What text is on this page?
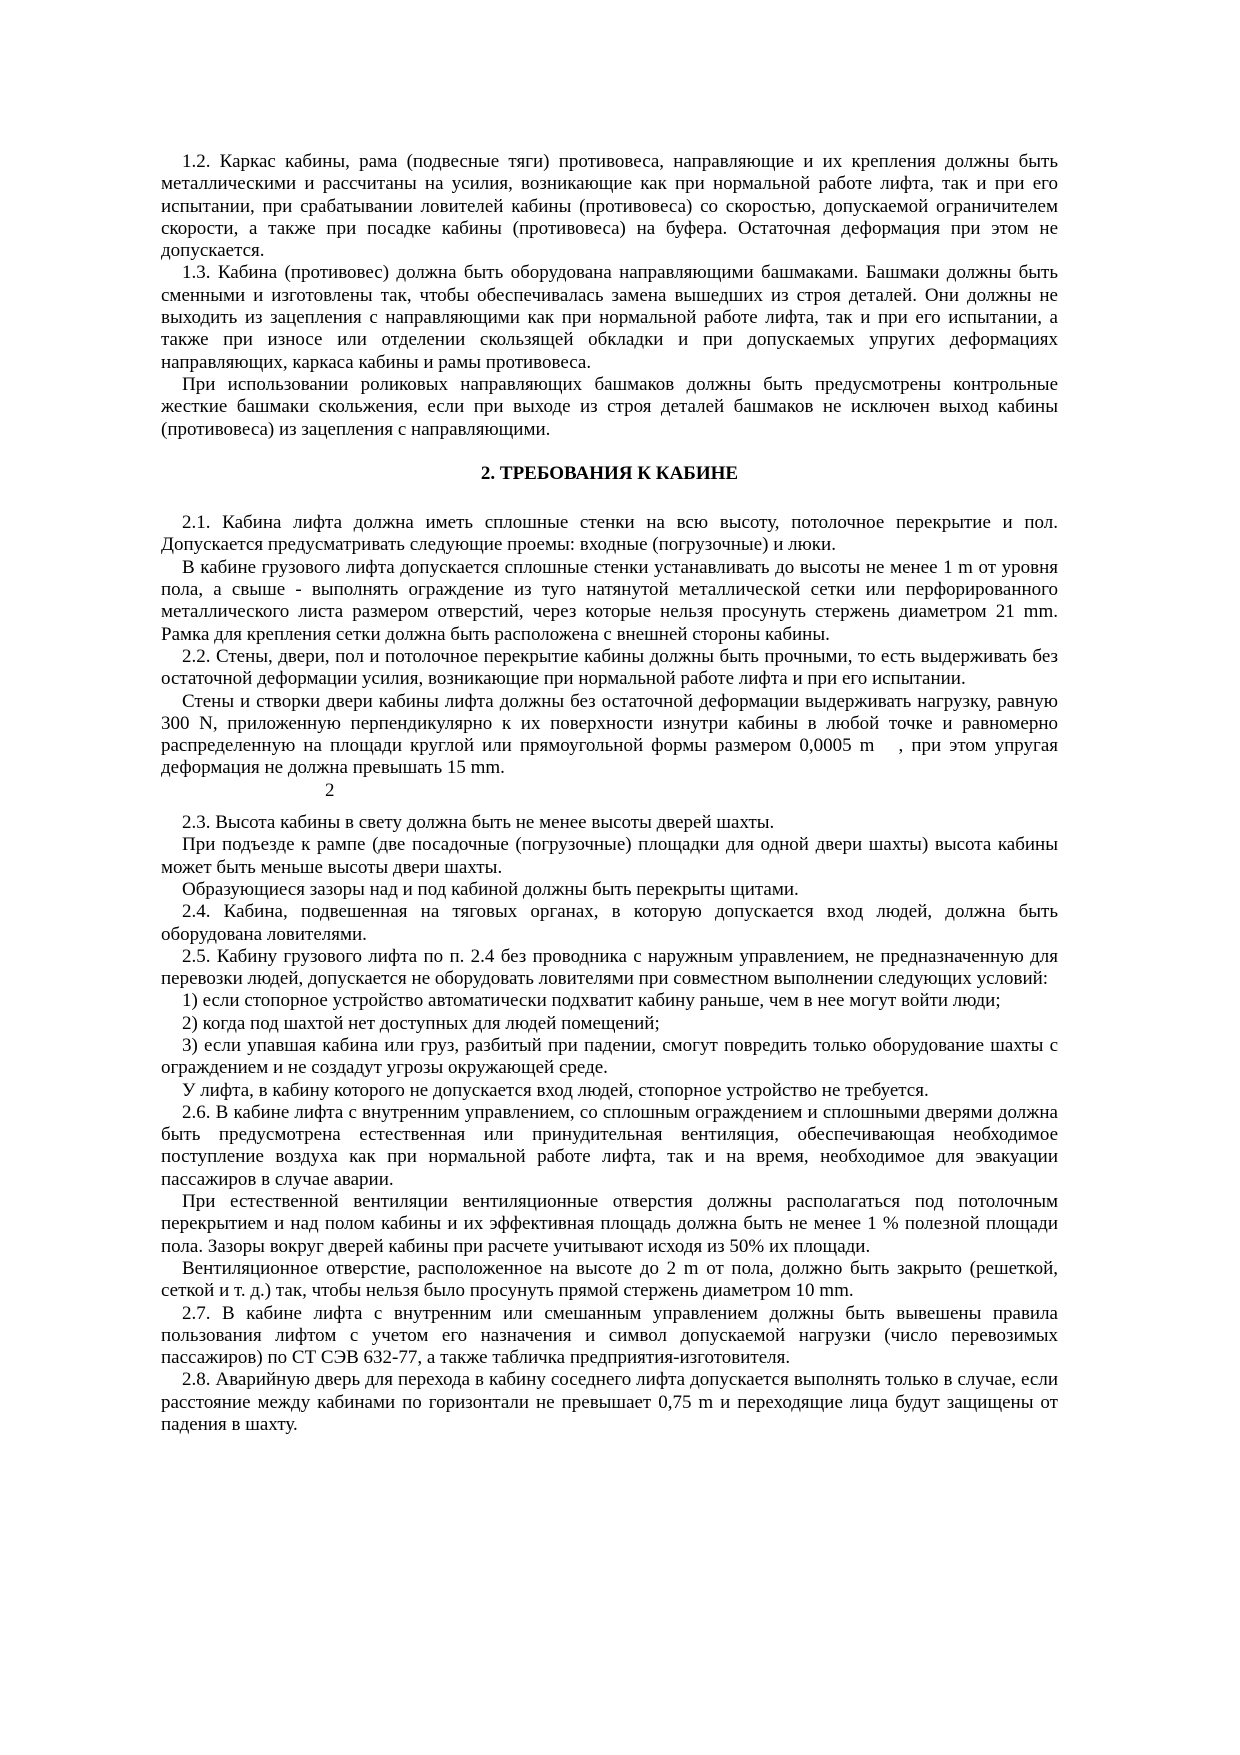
1.2. Каркас кабины, рама (подвесные тяги) противовеса, направляющие и их крепления должны быть металлическими и рассчитаны на усилия, возникающие как при нормальной работе лифта, так и при его испытании, при срабатывании ловителей кабины (противовеса) со скоростью, допускаемой ограничителем скорости, а также при посадке кабины (противовеса) на буфера. Остаточная деформация при этом не допускается.

1.3. Кабина (противовес) должна быть оборудована направляющими башмаками. Башмаки должны быть сменными и изготовлены так, чтобы обеспечивалась замена вышедших из строя деталей. Они должны не выходить из зацепления с направляющими как при нормальной работе лифта, так и при его испытании, а также при износе или отделении скользящей обкладки и при допускаемых упругих деформациях направляющих, каркаса кабины и рамы противовеса.

При использовании роликовых направляющих башмаков должны быть предусмотрены контрольные жесткие башмаки скольжения, если при выходе из строя деталей башмаков не исключен выход кабины (противовеса) из зацепления с направляющими.

2. ТРЕБОВАНИЯ К КАБИНЕ

2.1. Кабина лифта должна иметь сплошные стенки на всю высоту, потолочное перекрытие и пол. Допускается предусматривать следующие проемы: входные (погрузочные) и люки.

В кабине грузового лифта допускается сплошные стенки устанавливать до высоты не менее 1 m от уровня пола, а свыше - выполнять ограждение из туго натянутой металлической сетки или перфорированного металлического листа размером отверстий, через которые нельзя просунуть стержень диаметром 21 mm. Рамка для крепления сетки должна быть расположена с внешней стороны кабины.

2.2. Стены, двери, пол и потолочное перекрытие кабины должны быть прочными, то есть выдерживать без остаточной деформации усилия, возникающие при нормальной работе лифта и при его испытании.

Стены и створки двери кабины лифта должны без остаточной деформации выдерживать нагрузку, равную 300 N, приложенную перпендикулярно к их поверхности изнутри кабины в любой точке и равномерно распределенную на площади круглой или прямоугольной формы размером 0,0005 m   , при этом упругая деформация не должна превышать 15 mm.

2

2.3. Высота кабины в свету должна быть не менее высоты дверей шахты.

При подъезде к рампе (две посадочные (погрузочные) площадки для одной двери шахты) высота кабины может быть меньше высоты двери шахты.

Образующиеся зазоры над и под кабиной должны быть перекрыты щитами.

2.4. Кабина, подвешенная на тяговых органах, в которую допускается вход людей, должна быть оборудована ловителями.

2.5. Кабину грузового лифта по п. 2.4 без проводника с наружным управлением, не предназначенную для перевозки людей, допускается не оборудовать ловителями при совместном выполнении следующих условий:

1) если стопорное устройство автоматически подхватит кабину раньше, чем в нее могут войти люди;

2) когда под шахтой нет доступных для людей помещений;

3) если упавшая кабина или груз, разбитый при падении, смогут повредить только оборудование шахты с ограждением и не создадут угрозы окружающей среде.

У лифта, в кабину которого не допускается вход людей, стопорное устройство не требуется.

2.6. В кабине лифта с внутренним управлением, со сплошным ограждением и сплошными дверями должна быть предусмотрена естественная или принудительная вентиляция, обеспечивающая необходимое поступление воздуха как при нормальной работе лифта, так и на время, необходимое для эвакуации пассажиров в случае аварии.

При естественной вентиляции вентиляционные отверстия должны располагаться под потолочным перекрытием и над полом кабины и их эффективная площадь должна быть не менее 1 % полезной площади пола. Зазоры вокруг дверей кабины при расчете учитывают исходя из 50% их площади.

Вентиляционное отверстие, расположенное на высоте до 2 m от пола, должно быть закрыто (решеткой, сеткой и т. д.) так, чтобы нельзя было просунуть прямой стержень диаметром 10 mm.

2.7. В кабине лифта с внутренним или смешанным управлением должны быть вывешены правила пользования лифтом с учетом его назначения и символ допускаемой нагрузки (число перевозимых пассажиров) по СТ СЭВ 632-77, а также табличка предприятия-изготовителя.

2.8. Аварийную дверь для перехода в кабину соседнего лифта допускается выполнять только в случае, если расстояние между кабинами по горизонтали не превышает 0,75 m и переходящие лица будут защищены от падения в шахту.
